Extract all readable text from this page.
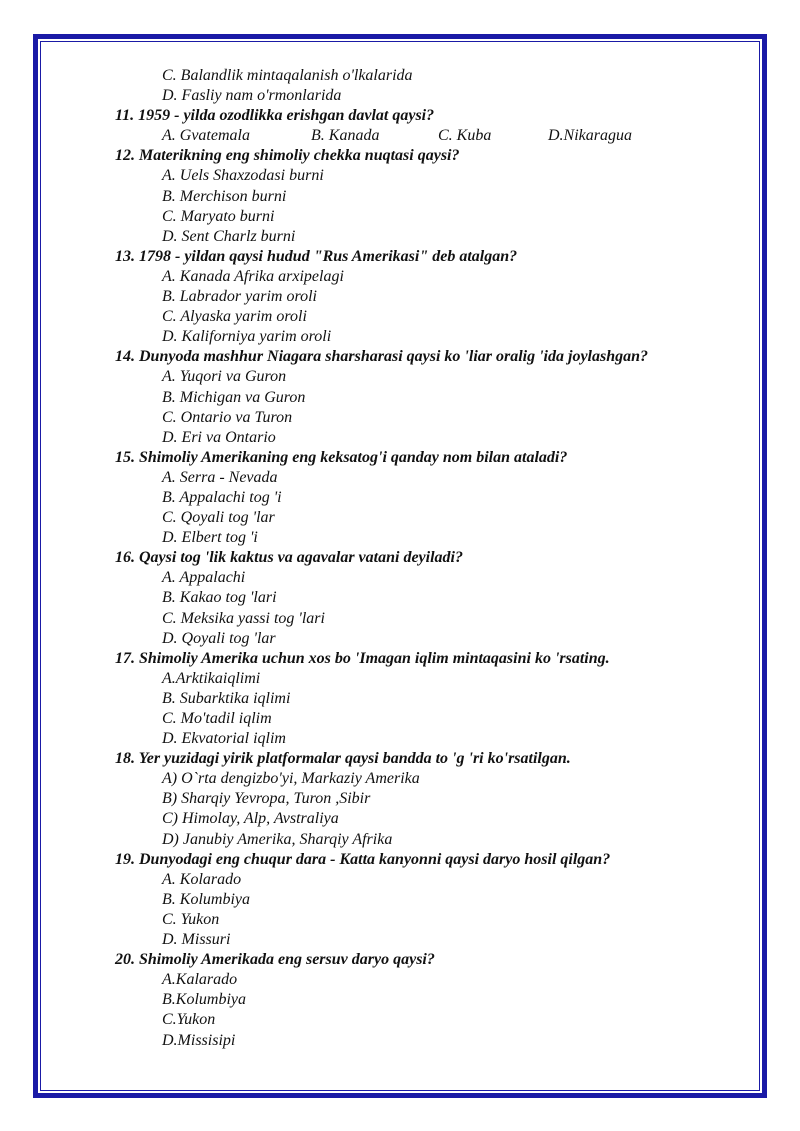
C. Balandlik mintaqalanish o'lkalarida
D. Fasliy nam o'rmonlarida
11. 1959 - yilda ozodlikka erishgan davlat qaysi?
A. Gvatemala	B. Kanada	C. Kuba	D.Nikaragua
12. Materikning eng shimoliy chekka nuqtasi qaysi?
A. Uels Shaxzodasi burni
B. Merchison burni
C. Maryato burni
D. Sent Charlz burni
13. 1798 - yildan qaysi hudud "Rus Amerikasi" deb atalgan?
A. Kanada Afrika arxipelagi
B. Labrador yarim oroli
C. Alyaska yarim oroli
D. Kaliforniya yarim oroli
14. Dunyoda mashhur Niagara sharsharasi qaysi ko 'liar oralig 'ida joylashgan?
A. Yuqori va Guron
B. Michigan va Guron
C. Ontario va Turon
D. Eri va Ontario
15. Shimoliy Amerikaning eng keksatog'i qanday nom bilan ataladi?
A. Serra - Nevada
B. Appalachi tog 'i
C. Qoyali tog 'lar
D. Elbert tog 'i
16. Qaysi tog 'lik kaktus va agavalar vatani deyiladi?
A. Appalachi
B. Kakao tog 'lari
C. Meksika yassi tog 'lari
D. Qoyali tog 'lar
17. Shimoliy Amerika uchun xos bo 'Imagan iqlim mintaqasini ko 'rsating.
A.Arktikaiqlimi
B. Subarktika iqlimi
C. Mo'tadil iqlim
D. Ekvatorial iqlim
18. Yer yuzidagi yirik platformalar qaysi bandda to 'g 'ri ko'rsatilgan.
A) O`rta dengizbo'yi, Markaziy Amerika
B) Sharqiy Yevropa, Turon ,Sibir
C) Himolay, Alp, Avstraliya
D) Janubiy Amerika, Sharqiy Afrika
19. Dunyodagi eng chuqur dara - Katta kanyonni qaysi daryo hosil qilgan?
A. Kolarado
B. Kolumbiya
C. Yukon
D. Missuri
20. Shimoliy Amerikada eng sersuv daryo qaysi?
A.Kalarado
B.Kolumbiya
C.Yukon
D.Missisipi
